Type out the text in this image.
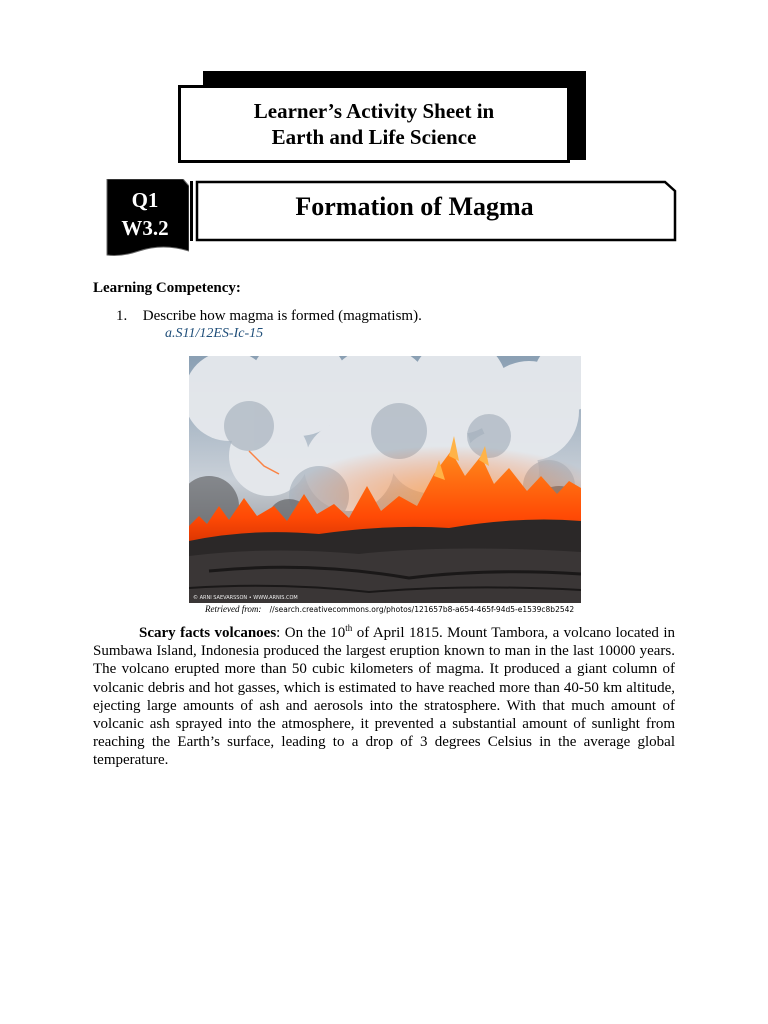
Learner’s Activity Sheet in
Earth and Life Science
Q1
W3.2
Formation of Magma
Learning Competency:
1. Describe how magma is formed (magmatism).
a.S11/12ES-Ic-15
© ARNI SAEVARSSON • WWW.ARNIS.COM
Retrieved from: //search.creativecommons.org/photos/121657b8-a654-465f-94d5-e1539c8b2542
Scary facts volcanoes: On the 10th of April 1815. Mount Tambora, a volcano located in Sumbawa Island, Indonesia produced the largest eruption known to man in the last 10000 years. The volcano erupted more than 50 cubic kilometers of magma. It produced a giant column of volcanic debris and hot gasses, which is estimated to have reached more than 40-50 km altitude, ejecting large amounts of ash and aerosols into the stratosphere. With that much amount of volcanic ash sprayed into the atmosphere, it prevented a substantial amount of sunlight from reaching the Earth’s surface, leading to a drop of 3 degrees Celsius in the average global temperature.
